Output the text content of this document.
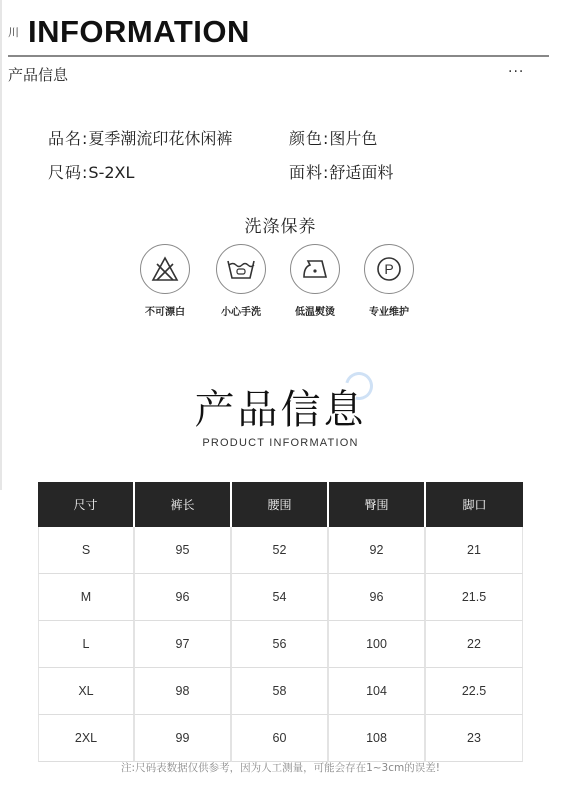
川 INFORMATION
产品信息	···
品名:夏季潮流印花休闲裤	颜色:图片色
尺码:S-2XL	面料:舒适面料
洗涤保养
不可漂白	小心手洗	低温熨烫
P
专业维护
产品信息
PRODUCT INFORMATION
尺寸	裤长	腰围	臀围	脚口
S	95	52	92	21
M	96	54	96	21.5
L	97	56	100	22
XL	98	58	104	22.5
2XL	99	60	108	23
注:尺码表数据仅供参考，因为人工测量，可能会存在1~3cm的误差!
